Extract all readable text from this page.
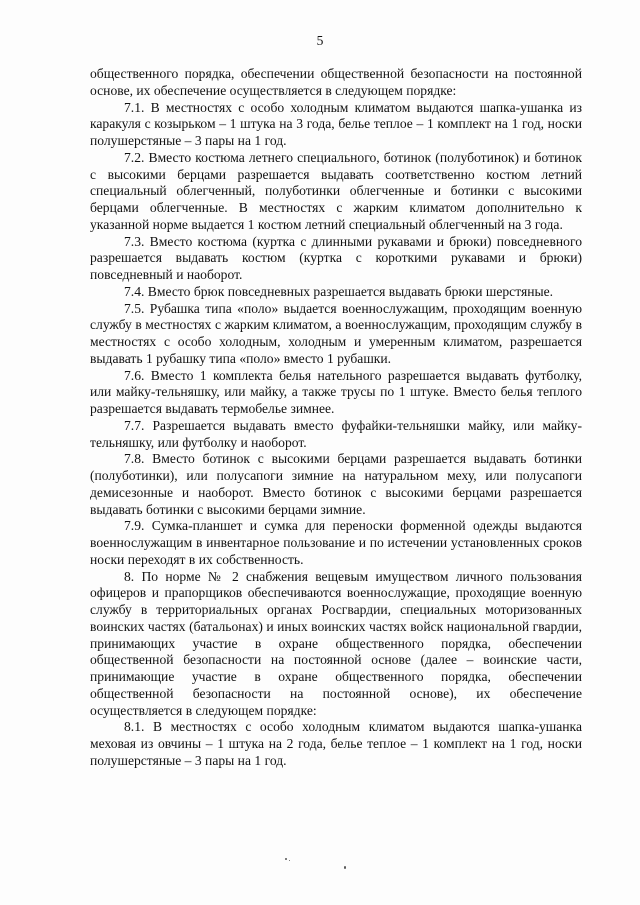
5

общественного порядка, обеспечении общественной безопасности на постоянной основе, их обеспечение осуществляется в следующем порядке:

7.1. В местностях с особо холодным климатом выдаются шапка-ушанка из каракуля с козырьком – 1 штука на 3 года, белье теплое – 1 комплект на 1 год, носки полушерстяные – 3 пары на 1 год.

7.2. Вместо костюма летнего специального, ботинок (полуботинок) и ботинок с высокими берцами разрешается выдавать соответственно костюм летний специальный облегченный, полуботинки облегченные и ботинки с высокими берцами облегченные. В местностях с жарким климатом дополнительно к указанной норме выдается 1 костюм летний специальный облегченный на 3 года.

7.3. Вместо костюма (куртка с длинными рукавами и брюки) повседневного разрешается выдавать костюм (куртка с короткими рукавами и брюки) повседневный и наоборот.

7.4. Вместо брюк повседневных разрешается выдавать брюки шерстяные.

7.5. Рубашка типа «поло» выдается военнослужащим, проходящим военную службу в местностях с жарким климатом, а военнослужащим, проходящим службу в местностях с особо холодным, холодным и умеренным климатом, разрешается выдавать 1 рубашку типа «поло» вместо 1 рубашки.

7.6. Вместо 1 комплекта белья нательного разрешается выдавать футболку, или майку-тельняшку, или майку, а также трусы по 1 штуке. Вместо белья теплого разрешается выдавать термобелье зимнее.

7.7. Разрешается выдавать вместо фуфайки-тельняшки майку, или майку-тельняшку, или футболку и наоборот.

7.8. Вместо ботинок с высокими берцами разрешается выдавать ботинки (полуботинки), или полусапоги зимние на натуральном меху, или полусапоги демисезонные и наоборот. Вместо ботинок с высокими берцами разрешается выдавать ботинки с высокими берцами зимние.

7.9. Сумка-планшет и сумка для переноски форменной одежды выдаются военнослужащим в инвентарное пользование и по истечении установленных сроков носки переходят в их собственность.

8. По норме № 2 снабжения вещевым имуществом личного пользования офицеров и прапорщиков обеспечиваются военнослужащие, проходящие военную службу в территориальных органах Росгвардии, специальных моторизованных воинских частях (батальонах) и иных воинских частях войск национальной гвардии, принимающих участие в охране общественного порядка, обеспечении общественной безопасности на постоянной основе (далее – воинские части, принимающие участие в охране общественного порядка, обеспечении общественной безопасности на постоянной основе), их обеспечение осуществляется в следующем порядке:

8.1. В местностях с особо холодным климатом выдаются шапка-ушанка меховая из овчины – 1 штука на 2 года, белье теплое – 1 комплект на 1 год, носки полушерстяные – 3 пары на 1 год.
